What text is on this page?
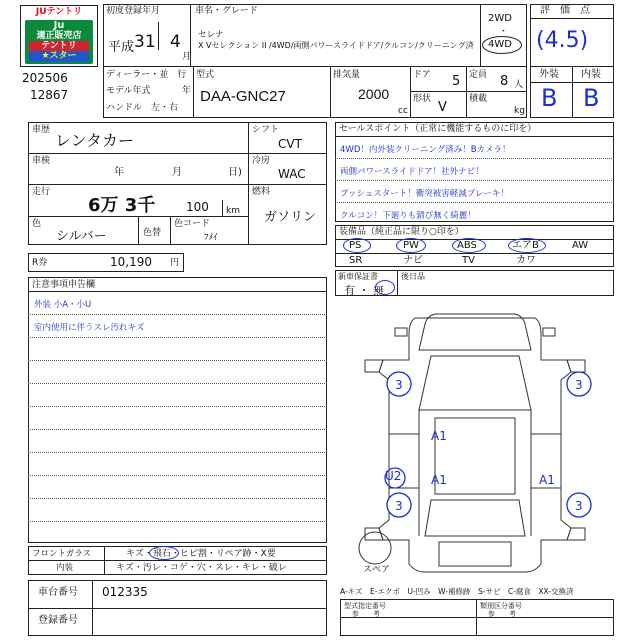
JUテントリ
Ju
適正販売店
テントリ
★スター
202506
12867
初度登録年月
平成 31 4
月
車名・グレード
セレナ
X Vセレクション II /4WD/両側パワースライドドア/クルコン/クリーニング済
2WD
・
4WD
ディーラー・並　行
モデル年式	年
ハンドル　左・右
型式
DAA-GNC27
排気量
2000
cc
ドア 5 定員 8 人
形状
V
積載
kg
評　価　点
(4.5)
外装 内装
B B
車歴
レンタカー
車検
年	月	日)
走行
6万 3千	100 km
色
シルバー	色替
色コード
ﾌﾒｲ
シフト
CVT
冷房
WAC
燃料
ガソリン
R券	10,190 円
セールスポイント（正常に機能するものに印を）
4WD！内外装クリーニング済み！Bカメラ！
両側パワースライドドア！社外ナビ！
プッシュスタート！衝突被害軽減ブレーキ！
クルコン！下廻りも錆び無く綺麗！
装備品（純正品に限り○印を）
PS	PW	ABS	エアB	AW
SR	ナビ	TV	カワ
新車保証書
有 ・ 無
後日品
注意事項申告欄
外装 小A・小U
室内使用に伴うスレ汚れキズ
3	3
A1
A1	A1
U2
3	3
スペア
A-キズ　E-エクボ　U-凹み　W-補修跡　S-サビ　C-腐食　XX-交換済
フロントガラス	キズ・飛石・ヒビ割・リペア跡・X要
内装	キズ・汚レ・コゲ・穴・スレ・キレ・破レ
車台番号 012335
登録番号
型式指定番号
参　　考
類別区分番号
参　　考
